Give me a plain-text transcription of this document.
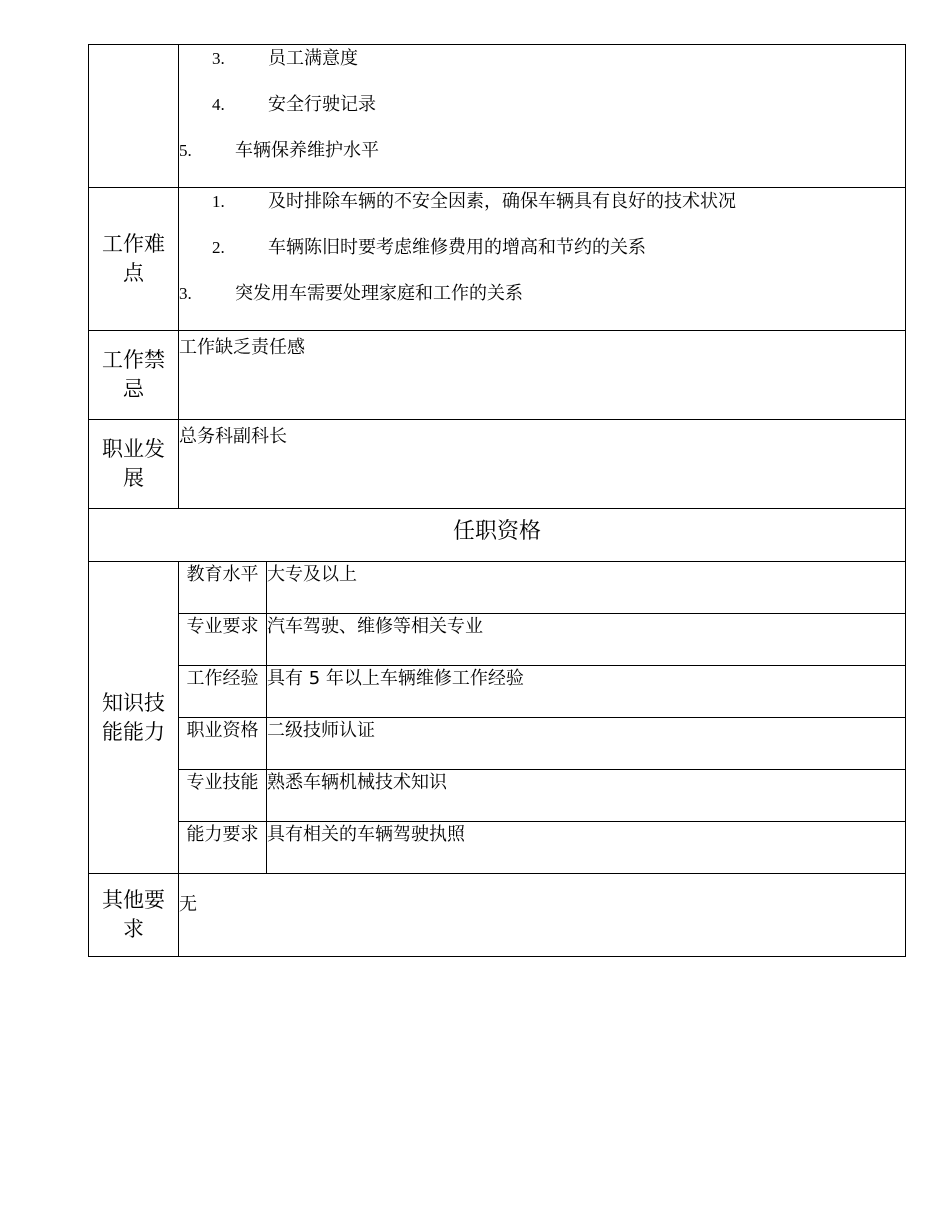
	3. 员工满意度
4. 安全行驶记录
5. 车辆保养维护水平	

工作难点	1. 及时排除车辆的不安全因素，确保车辆具有良好的技术状况
2. 车辆陈旧时要考虑维修费用的增高和节约的关系
3. 突发用车需要处理家庭和工作的关系	

工作禁忌	工作缺乏责任感	
职业发展	总务科副科长	
任职资格		
知识技能能力	教育水平	大专及以上
	专业要求	汽车驾驶、维修等相关专业
	工作经验	具有 5 年以上车辆维修工作经验
	职业资格	二级技师认证
	专业技能	熟悉车辆机械技术知识
	能力要求	具有相关的车辆驾驶执照
其他要求	无	
